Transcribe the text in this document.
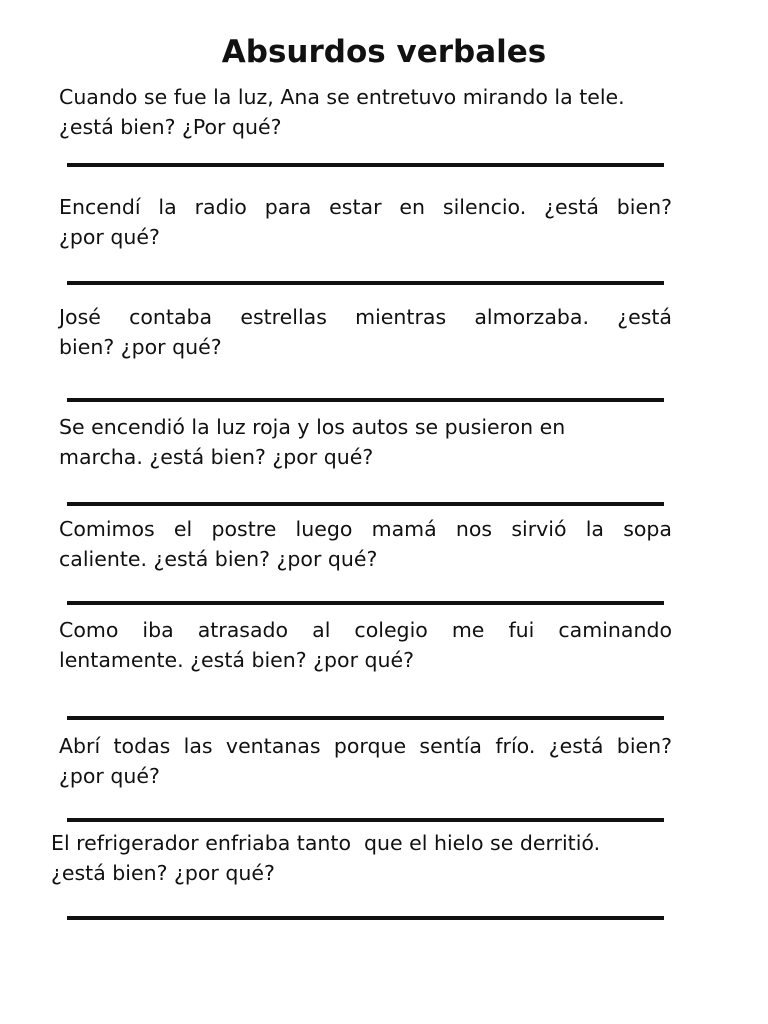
Absurdos verbales
Cuando se fue la luz, Ana se entretuvo mirando la tele.
¿está bien? ¿Por qué?
Encendí la radio para estar en silencio. ¿está bien?
¿por qué?
José contaba estrellas mientras almorzaba. ¿está
bien? ¿por qué?
Se encendió la luz roja y los autos se pusieron en
marcha. ¿está bien? ¿por qué?
Comimos el postre luego mamá nos sirvió la sopa
caliente. ¿está bien? ¿por qué?
Como iba atrasado al colegio me fui caminando
lentamente. ¿está bien? ¿por qué?
Abrí todas las ventanas porque sentía frío. ¿está bien?
¿por qué?
El refrigerador enfriaba tanto  que el hielo se derritió.
¿está bien? ¿por qué?
